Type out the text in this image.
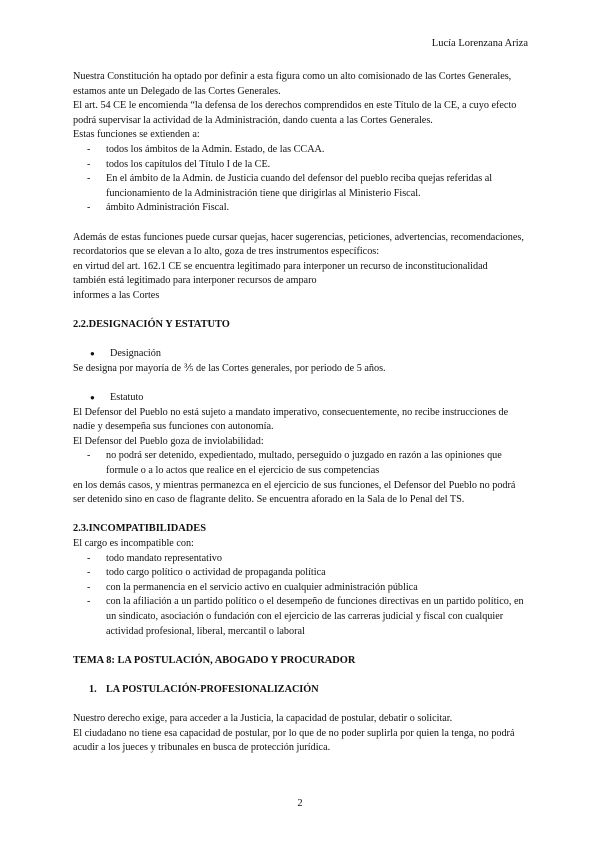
Lucía Lorenzana Ariza

Nuestra Constitución ha optado por definir a esta figura como un alto comisionado de las Cortes Generales, estamos ante un Delegado de las Cortes Generales.

El art. 54 CE le encomienda “la defensa de los derechos comprendidos en este Título de la CE, a cuyo efecto podrá supervisar la actividad de la Administración, dando cuenta a las Cortes Generales.

Estas funciones se extienden a:

- todos los ámbitos de la Admin. Estado, de las CCAA.
- todos los capítulos del Título I de la CE.
- En el ámbito de la Admin. de Justicia cuando del defensor del pueblo reciba quejas referidas al funcionamiento de la Administración tiene que dirigirlas al Ministerio Fiscal.
- ámbito Administración Fiscal.

Además de estas funciones puede cursar quejas, hacer sugerencias, peticiones, advertencias, recomendaciones, recordatorios que se elevan a lo alto, goza de tres instrumentos específicos:

en virtud del art. 162.1 CE se encuentra legitimado para interponer un recurso de inconstitucionalidad

también está legitimado para interponer recursos de amparo

informes a las Cortes

2.2.DESIGNACIÓN Y ESTATUTO

● Designación

Se designa por mayoría de ⅗ de las Cortes generales, por periodo de 5 años.

● Estatuto

El Defensor del Pueblo no está sujeto a mandato imperativo, consecuentemente, no recibe instrucciones de nadie y desempeña sus funciones con autonomía.

El Defensor del Pueblo goza de inviolabilidad:

- no podrá ser detenido, expedientado, multado, perseguido o juzgado en razón a las opiniones que formule o a lo actos que realice en el ejercicio de sus competencias

en los demás casos, y mientras permanezca en el ejercicio de sus funciones, el Defensor del Pueblo no podrá ser detenido sino en caso de flagrante delito. Se encuentra aforado en la Sala de lo Penal del TS.

2.3.INCOMPATIBILIDADES

El cargo es incompatible con:

- todo mandato representativo
- todo cargo político o actividad de propaganda política
- con la permanencia en el servicio activo en cualquier administración pública
- con la afiliación a un partido político o el desempeño de funciones directivas en un partido político, en un sindicato, asociación o fundación con el ejercicio de las carreras judicial y fiscal con cualquier actividad profesional, liberal, mercantil o laboral

TEMA 8: LA POSTULACIÓN, ABOGADO Y PROCURADOR

1. LA POSTULACIÓN-PROFESIONALIZACIÓN

Nuestro derecho exige, para acceder a la Justicia, la capacidad de postular, debatir o solicitar.

El ciudadano no tiene esa capacidad de postular, por lo que de no poder suplirla por quien la tenga, no podrá acudir a los jueces y tribunales en busca de protección jurídica.

2
